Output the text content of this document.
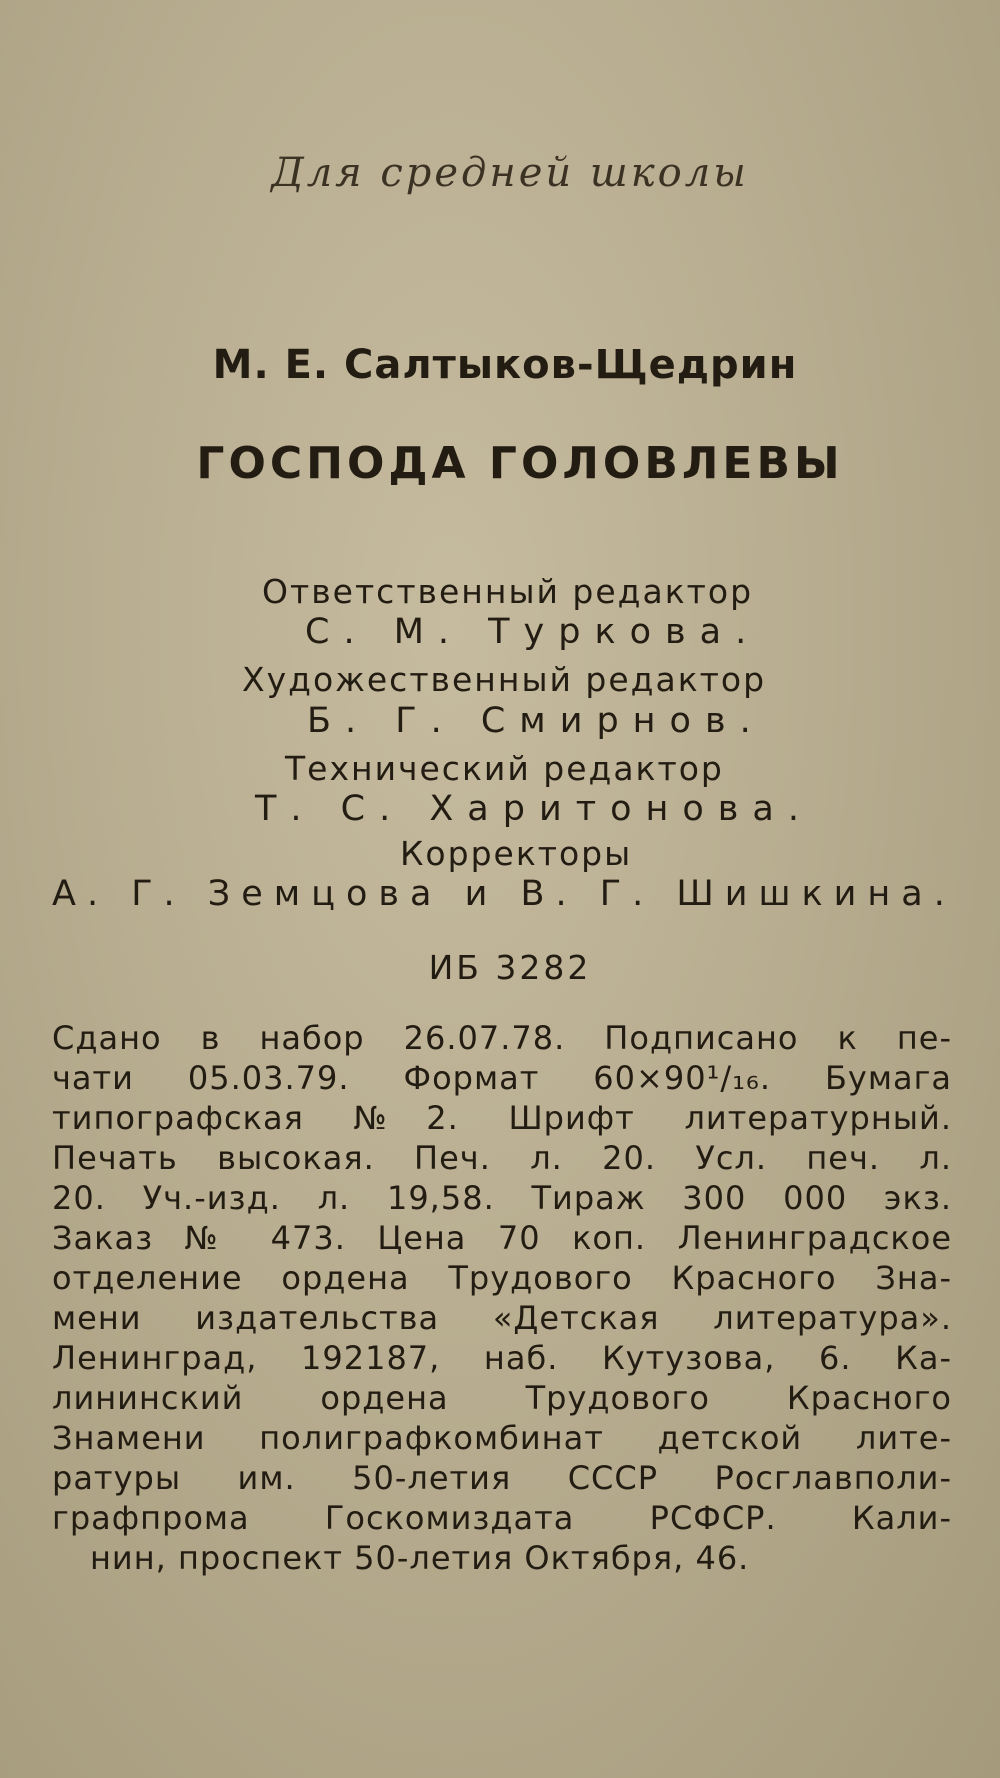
Для средней школы

М. Е. Салтыков-Щедрин

ГОСПОДА ГОЛОВЛЕВЫ

Ответственный редактор

С. М. Туркова.

Художественный редактор

Б. Г. Смирнов.

Технический редактор

Т. С. Харитонова.

Корректоры

А. Г. Земцова и В. Г. Шишкина.

ИБ 3282

Сдано в набор 26.07.78. Подписано к пе-

чати 05.03.79. Формат 60×90¹/₁₆. Бумага

типографская №2. Шрифт литературный.

Печать высокая. Печ. л. 20. Усл. печ. л.

20. Уч.-изд. л. 19,58. Тираж 300 000 экз.

Заказ № 473. Цена 70 коп. Ленинградское

отделение ордена Трудового Красного Зна-

мени издательства «Детская литература».

Ленинград, 192187, наб. Кутузова, 6. Ка-

лининский ордена Трудового Красного

Знамени полиграфкомбинат детской лите-

ратуры им. 50-летия СССР Росглавполи-

графпрома Госкомиздата РСФСР. Кали-

нин, проспект 50-летия Октября, 46.
